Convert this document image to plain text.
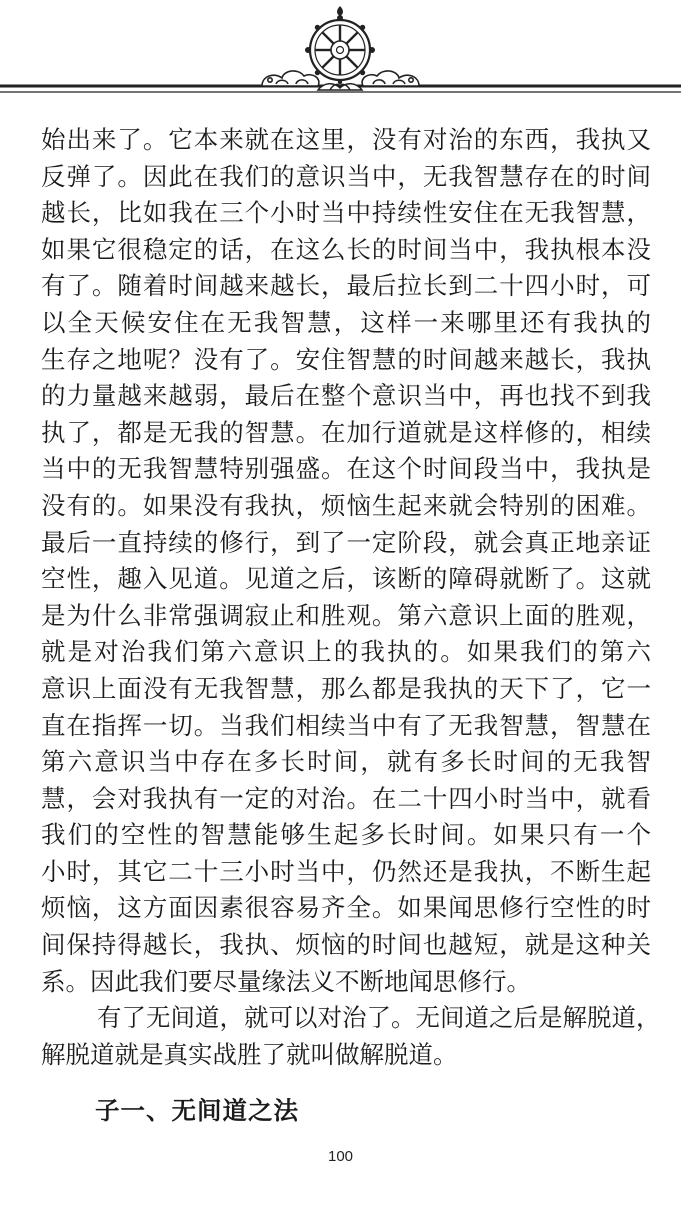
始出来了。它本来就在这里，没有对治的东西，我执又
反弹了。因此在我们的意识当中，无我智慧存在的时间
越长，比如我在三个小时当中持续性安住在无我智慧，
如果它很稳定的话，在这么长的时间当中，我执根本没
有了。随着时间越来越长，最后拉长到二十四小时，可
以全天候安住在无我智慧，这样一来哪里还有我执的
生存之地呢？没有了。安住智慧的时间越来越长，我执
的力量越来越弱，最后在整个意识当中，再也找不到我
执了，都是无我的智慧。在加行道就是这样修的，相续
当中的无我智慧特别强盛。在这个时间段当中，我执是
没有的。如果没有我执，烦恼生起来就会特别的困难。
最后一直持续的修行，到了一定阶段，就会真正地亲证
空性，趣入见道。见道之后，该断的障碍就断了。这就
是为什么非常强调寂止和胜观。第六意识上面的胜观，
就是对治我们第六意识上的我执的。如果我们的第六
意识上面没有无我智慧，那么都是我执的天下了，它一
直在指挥一切。当我们相续当中有了无我智慧，智慧在
第六意识当中存在多长时间，就有多长时间的无我智
慧，会对我执有一定的对治。在二十四小时当中，就看
我们的空性的智慧能够生起多长时间。如果只有一个
小时，其它二十三小时当中，仍然还是我执，不断生起
烦恼，这方面因素很容易齐全。如果闻思修行空性的时
间保持得越长，我执、烦恼的时间也越短，就是这种关
系。因此我们要尽量缘法义不断地闻思修行。
有了无间道，就可以对治了。无间道之后是解脱道，
解脱道就是真实战胜了就叫做解脱道。
子一、无间道之法
100
